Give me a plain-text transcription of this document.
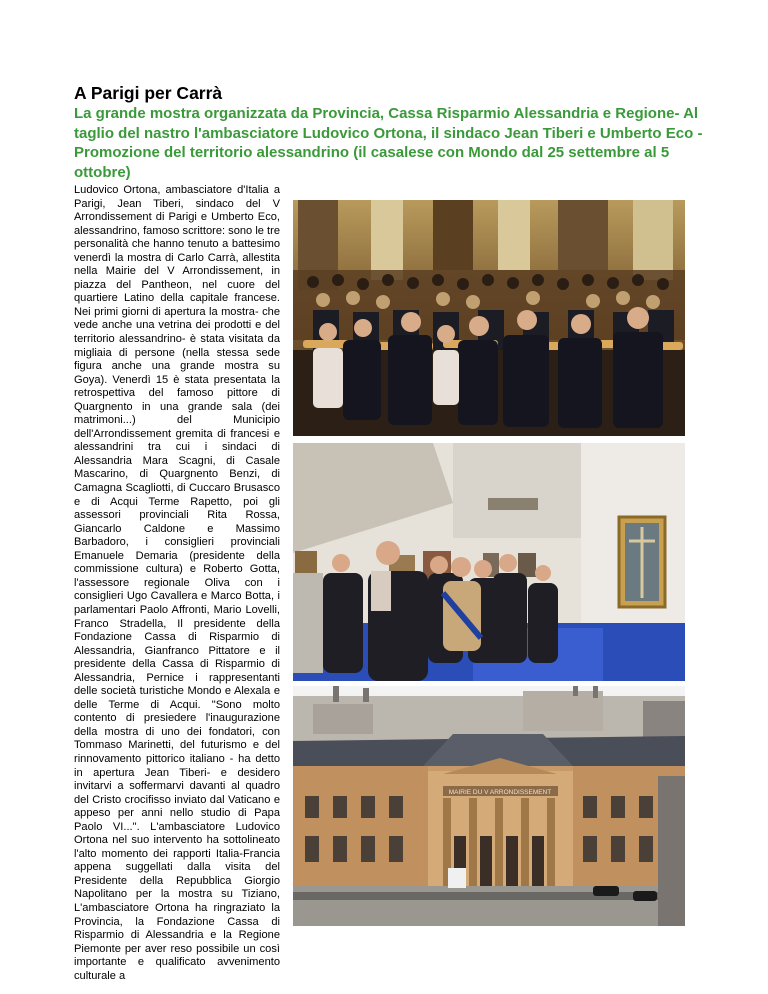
A Parigi per Carrà
La grande mostra organizzata da Provincia, Cassa Risparmio Alessandria e Regione- Al taglio del nastro l'ambasciatore Ludovico Ortona, il sindaco Jean Tiberi e Umberto Eco - Promozione del territorio alessandrino (il casalese con Mondo dal 25 settembre al 5 ottobre)

Ludovico Ortona, ambasciatore d'Italia a Parigi, Jean Tiberi, sindaco del V Arrondissement di Parigi e Umberto Eco, alessandrino, famoso scrittore: sono le tre personalità che hanno tenuto a battesimo venerdì la mostra di Carlo Carrà, allestita nella Mairie del V Arrondissement, in piazza del Pantheon, nel cuore del quartiere Latino della capitale francese. Nei primi giorni di apertura la mostra- che vede anche una vetrina dei prodotti e del territorio alessandrino- è stata visitata da migliaia di persone (nella stessa sede figura anche una grande mostra su Goya). Venerdì 15 è stata presentata la retrospettiva del famoso pittore di Quargnento in una grande sala (dei matrimoni...) del Municipio dell'Arrondissement gremita di francesi e alessandrini tra cui i sindaci di Alessandria Mara Scagni, di Casale Mascarino, di Quargnento Benzi, di Camagna Scagliotti, di Cuccaro Brusasco e di Acqui Terme Rapetto, poi gli assessori provinciali Rita Rossa, Giancarlo Caldone e Massimo Barbadoro, i consiglieri provinciali Emanuele Demaria (presidente della commissione cultura) e Roberto Gotta, l'assessore regionale Oliva con i consiglieri Ugo Cavallera e Marco Botta, i parlamentari Paolo Affronti, Mario Lovelli, Franco Stradella, Il presidente della Fondazione Cassa di Risparmio di Alessandria, Gianfranco Pittatore e il presidente della Cassa di Risparmio di Alessandria, Pernice i rappresentanti delle società turistiche Mondo e Alexala e delle Terme di Acqui. "Sono molto contento di presiedere l'inaugurazione della mostra di uno dei fondatori, con Tommaso Marinetti, del futurismo e del rinnovamento pittorico italiano - ha detto in apertura Jean Tiberi- e desidero invitarvi a soffermarvi davanti al quadro del Cristo crocifisso inviato dal Vaticano e appeso per anni nello studio di Papa Paolo VI...". L'ambasciatore Ludovico Ortona nel suo intervento ha sottolineato l'alto momento dei rapporti Italia-Francia appena suggellati dalla visita del Presidente della Repubblica Giorgio Napolitano per la mostra su Tiziano, L'ambasciatore Ortona ha ringraziato la Provincia, la Fondazione Cassa di Risparmio di Alessandria e la Regione Piemonte per aver reso possibile un così importante e qualificato avvenimento culturale a

MAIRIE DU V ARRONDISSEMENT
